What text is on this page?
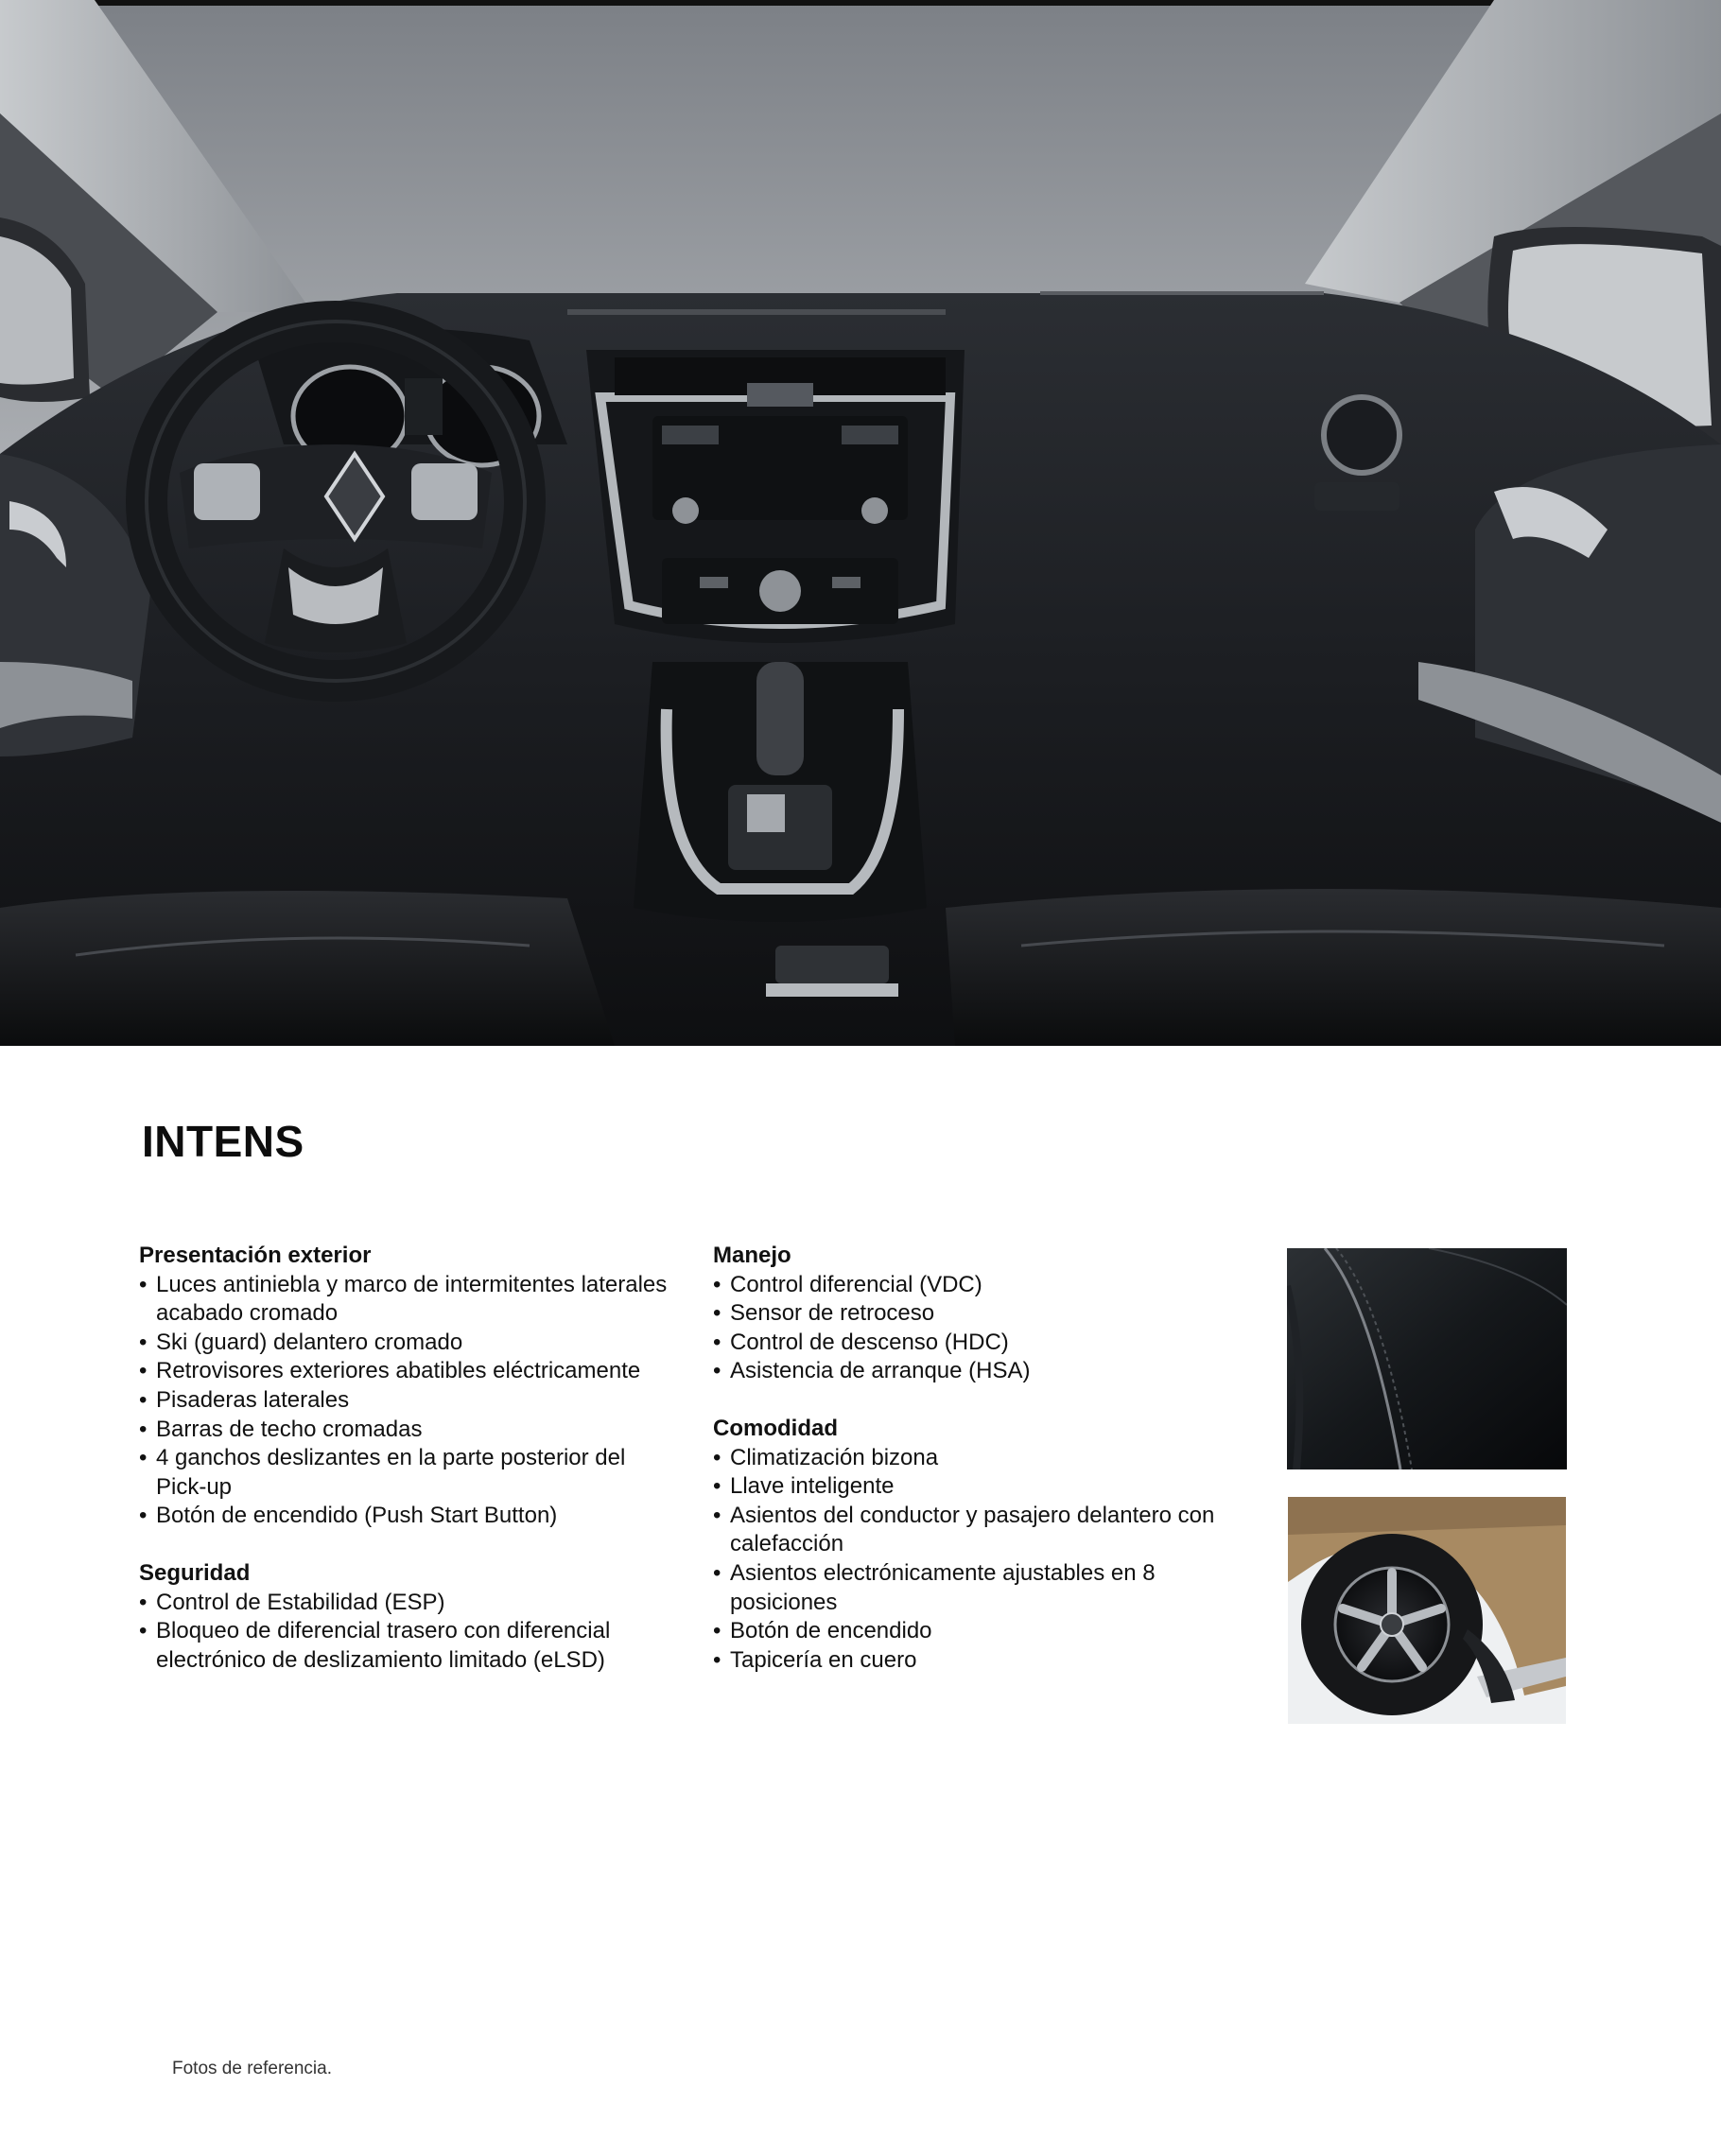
INTENS

Presentación exterior

• Luces antiniebla y marco de intermitentes laterales acabado cromado
• Ski (guard) delantero cromado
• Retrovisores exteriores abatibles eléctricamente
• Pisaderas laterales
• Barras de techo cromadas
• 4 ganchos deslizantes en la parte posterior del Pick-up
• Botón de encendido (Push Start Button)

Seguridad

• Control de Estabilidad (ESP)
• Bloqueo de diferencial trasero con diferencial electrónico de deslizamiento limitado (eLSD)

Manejo

• Control diferencial (VDC)
• Sensor de retroceso
• Control de descenso (HDC)
• Asistencia de arranque (HSA)

Comodidad

• Climatización bizona
• Llave inteligente
• Asientos del conductor y pasajero delantero con calefacción
• Asientos electrónicamente ajustables en 8 posiciones
• Botón de encendido
• Tapicería en cuero
Fotos de referencia.
